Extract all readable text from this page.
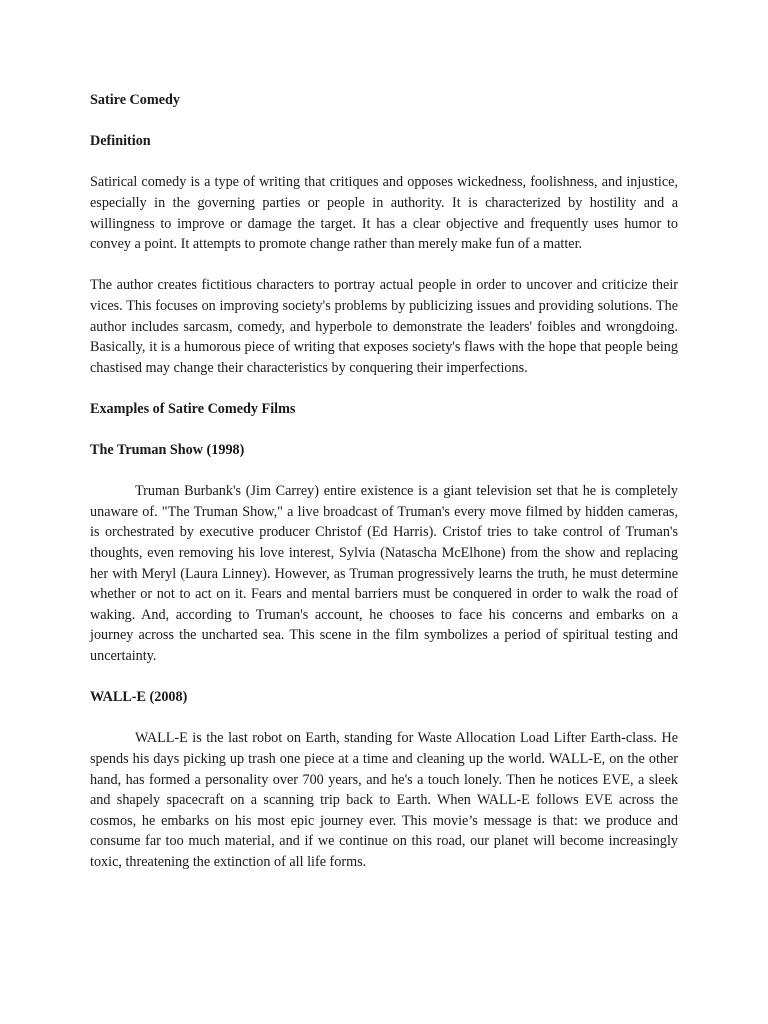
Satire Comedy

Definition

Satirical comedy is a type of writing that critiques and opposes wickedness, foolishness, and injustice, especially in the governing parties or people in authority. It is characterized by hostility and a willingness to improve or damage the target. It has a clear objective and frequently uses humor to convey a point. It attempts to promote change rather than merely make fun of a matter.

The author creates fictitious characters to portray actual people in order to uncover and criticize their vices. This focuses on improving society's problems by publicizing issues and providing solutions. The author includes sarcasm, comedy, and hyperbole to demonstrate the leaders' foibles and wrongdoing. Basically, it is a humorous piece of writing that exposes society's flaws with the hope that people being chastised may change their characteristics by conquering their imperfections.

Examples of Satire Comedy Films

The Truman Show (1998)

Truman Burbank's (Jim Carrey) entire existence is a giant television set that he is completely unaware of. "The Truman Show," a live broadcast of Truman's every move filmed by hidden cameras, is orchestrated by executive producer Christof (Ed Harris). Cristof tries to take control of Truman's thoughts, even removing his love interest, Sylvia (Natascha McElhone) from the show and replacing her with Meryl (Laura Linney). However, as Truman progressively learns the truth, he must determine whether or not to act on it. Fears and mental barriers must be conquered in order to walk the road of waking. And, according to Truman's account, he chooses to face his concerns and embarks on a journey across the uncharted sea. This scene in the film symbolizes a period of spiritual testing and uncertainty.

WALL-E (2008)

WALL-E is the last robot on Earth, standing for Waste Allocation Load Lifter Earth-class. He spends his days picking up trash one piece at a time and cleaning up the world. WALL-E, on the other hand, has formed a personality over 700 years, and he's a touch lonely. Then he notices EVE, a sleek and shapely spacecraft on a scanning trip back to Earth. When WALL-E follows EVE across the cosmos, he embarks on his most epic journey ever. This movie’s message is that: we produce and consume far too much material, and if we continue on this road, our planet will become increasingly toxic, threatening the extinction of all life forms.
